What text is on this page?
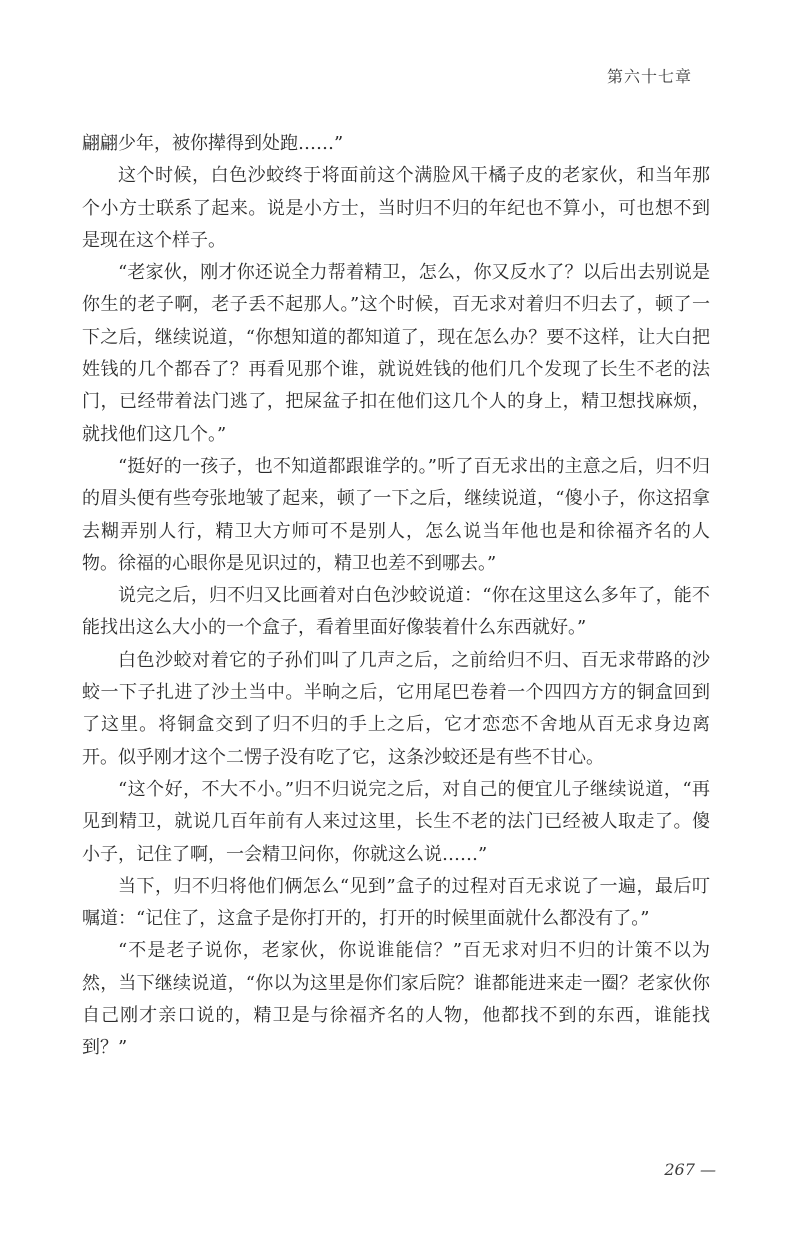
第六十七章

翩翩少年，被你撵得到处跑……”

这个时候，白色沙蛟终于将面前这个满脸风干橘子皮的老家伙，和当年那个小方士联系了起来。说是小方士，当时归不归的年纪也不算小，可也想不到是现在这个样子。

“老家伙，刚才你还说全力帮着精卫，怎么，你又反水了？以后出去别说是你生的老子啊，老子丢不起那人。”这个时候，百无求对着归不归去了，顿了一下之后，继续说道，“你想知道的都知道了，现在怎么办？要不这样，让大白把姓钱的几个都吞了？再看见那个谁，就说姓钱的他们几个发现了长生不老的法门，已经带着法门逃了，把屎盆子扣在他们这几个人的身上，精卫想找麻烦，就找他们这几个。”

“挺好的一孩子，也不知道都跟谁学的。”听了百无求出的主意之后，归不归的眉头便有些夸张地皱了起来，顿了一下之后，继续说道，“傻小子，你这招拿去糊弄别人行，精卫大方师可不是别人，怎么说当年他也是和徐福齐名的人物。徐福的心眼你是见识过的，精卫也差不到哪去。”

说完之后，归不归又比画着对白色沙蛟说道：“你在这里这么多年了，能不能找出这么大小的一个盒子，看着里面好像装着什么东西就好。”

白色沙蛟对着它的子孙们叫了几声之后，之前给归不归、百无求带路的沙蛟一下子扎进了沙土当中。半晌之后，它用尾巴卷着一个四四方方的铜盒回到了这里。将铜盒交到了归不归的手上之后，它才恋恋不舍地从百无求身边离开。似乎刚才这个二愣子没有吃了它，这条沙蛟还是有些不甘心。

“这个好，不大不小。”归不归说完之后，对自己的便宜儿子继续说道，“再见到精卫，就说几百年前有人来过这里，长生不老的法门已经被人取走了。傻小子，记住了啊，一会精卫问你，你就这么说……”

当下，归不归将他们俩怎么“见到”盒子的过程对百无求说了一遍，最后叮嘱道：“记住了，这盒子是你打开的，打开的时候里面就什么都没有了。”

“不是老子说你，老家伙，你说谁能信？”百无求对归不归的计策不以为然，当下继续说道，“你以为这里是你们家后院？谁都能进来走一圈？老家伙你自己刚才亲口说的，精卫是与徐福齐名的人物，他都找不到的东西，谁能找到？”

267 —
